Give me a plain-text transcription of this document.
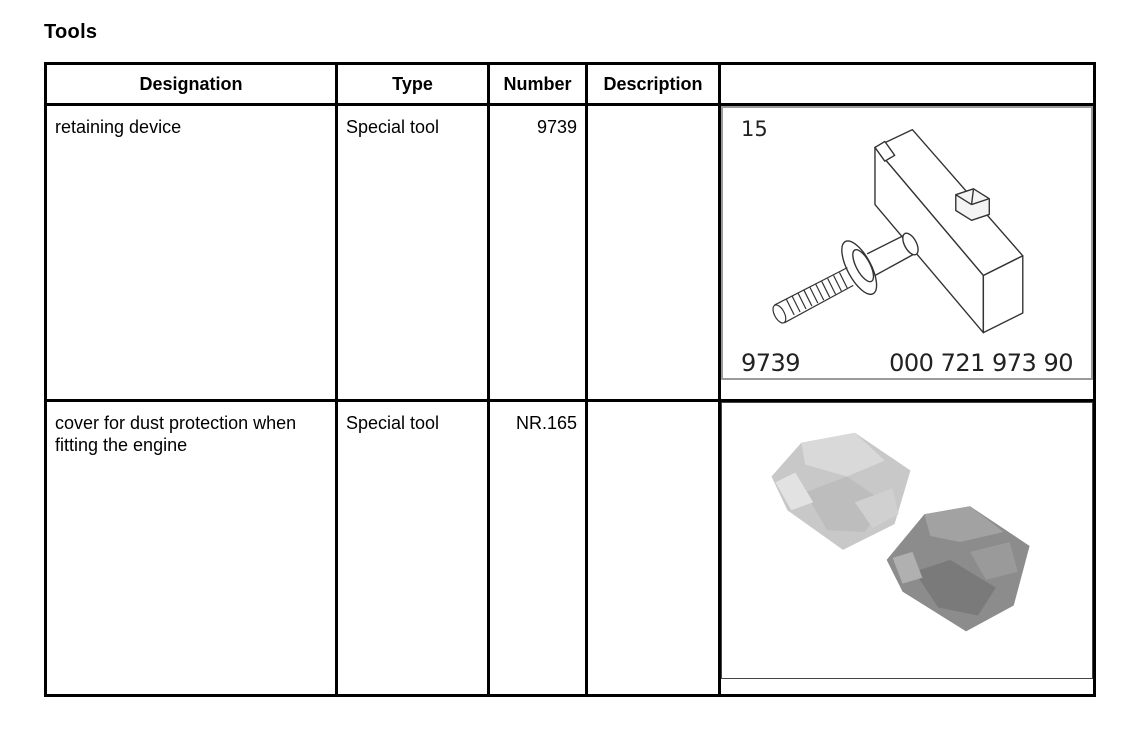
Tools
Designation	Type	Number	Description	

retaining device	Special tool	9739		15
9739 000 721 973 90

cover for dust protection when fitting the engine	Special tool	NR.165
